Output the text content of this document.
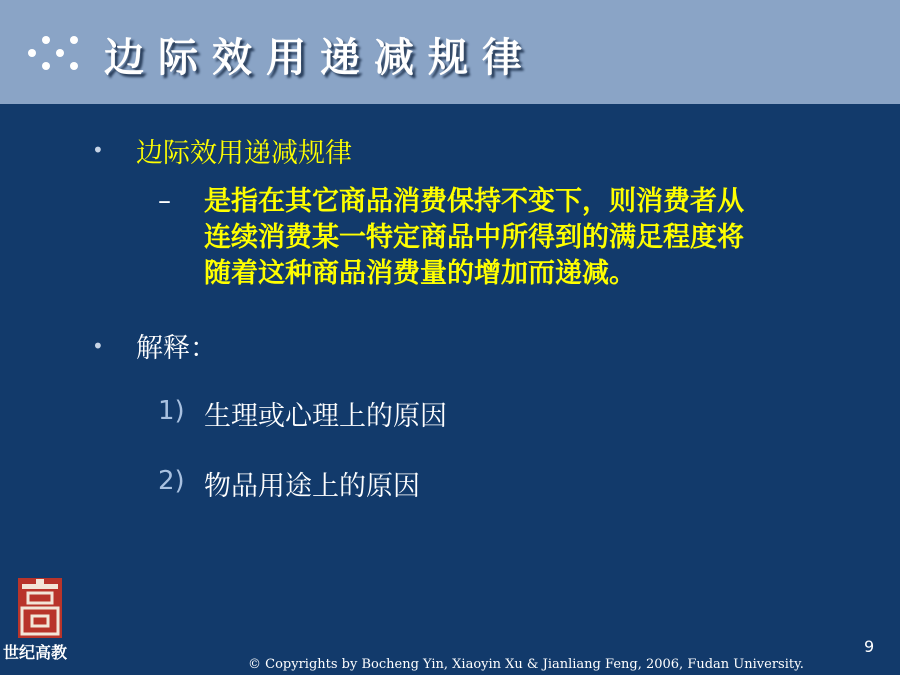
边际效用递减规律
• 边际效用递减规律
– 是指在其它商品消费保持不变下，则消费者从
连续消费某一特定商品中所得到的满足程度将
随着这种商品消费量的增加而递减。
• 解释：
1) 生理或心理上的原因
2) 物品用途上的原因
世纪高教	9
© Copyrights by Bocheng Yin, Xiaoyin Xu & Jianliang Feng, 2006, Fudan University.
